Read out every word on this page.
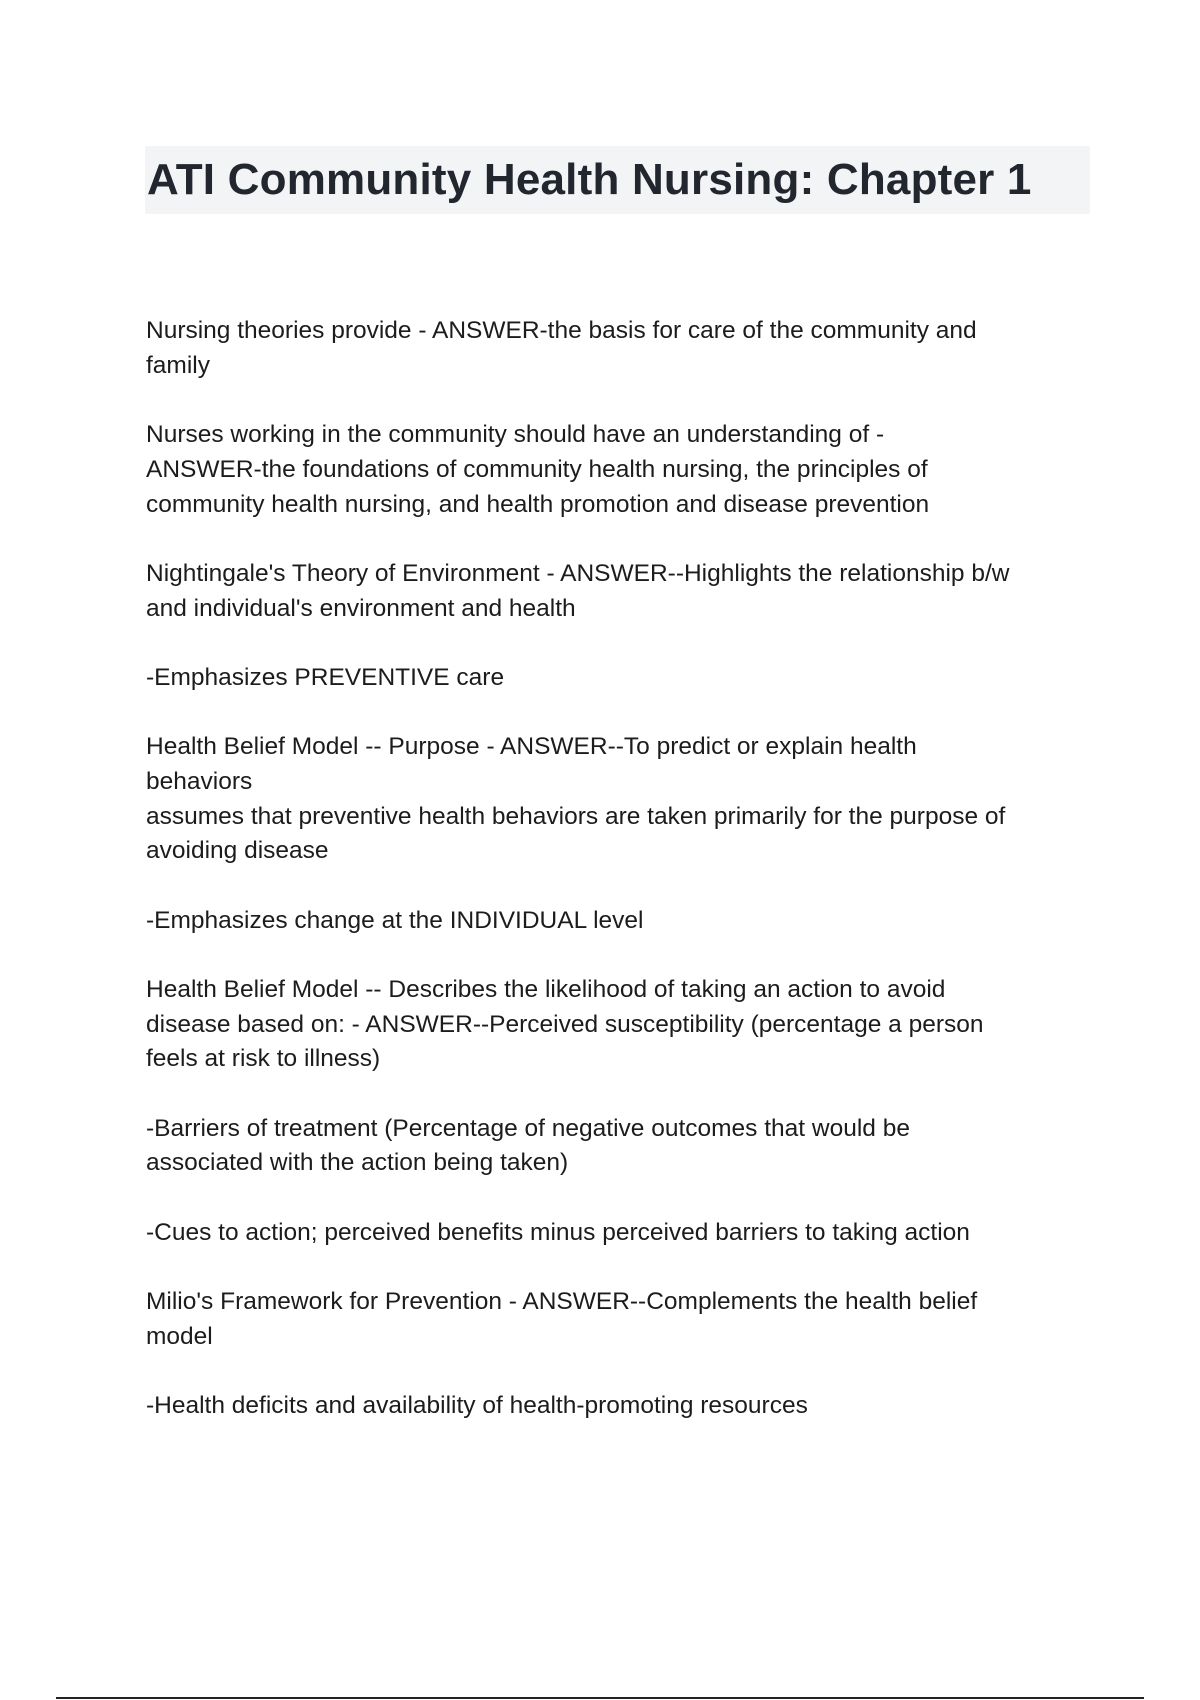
ATI Community Health Nursing: Chapter 1

Nursing theories provide - ANSWER-the basis for care of the community and
family

Nurses working in the community should have an understanding of -
ANSWER-the foundations of community health nursing, the principles of
community health nursing, and health promotion and disease prevention

Nightingale's Theory of Environment - ANSWER--Highlights the relationship b/w
and individual's environment and health

-Emphasizes PREVENTIVE care

Health Belief Model -- Purpose - ANSWER--To predict or explain health
behaviors
assumes that preventive health behaviors are taken primarily for the purpose of
avoiding disease

-Emphasizes change at the INDIVIDUAL level

Health Belief Model -- Describes the likelihood of taking an action to avoid
disease based on: - ANSWER--Perceived susceptibility (percentage a person
feels at risk to illness)

-Barriers of treatment (Percentage of negative outcomes that would be
associated with the action being taken)

-Cues to action; perceived benefits minus perceived barriers to taking action

Milio's Framework for Prevention - ANSWER--Complements the health belief
model

-Health deficits and availability of health-promoting resources
